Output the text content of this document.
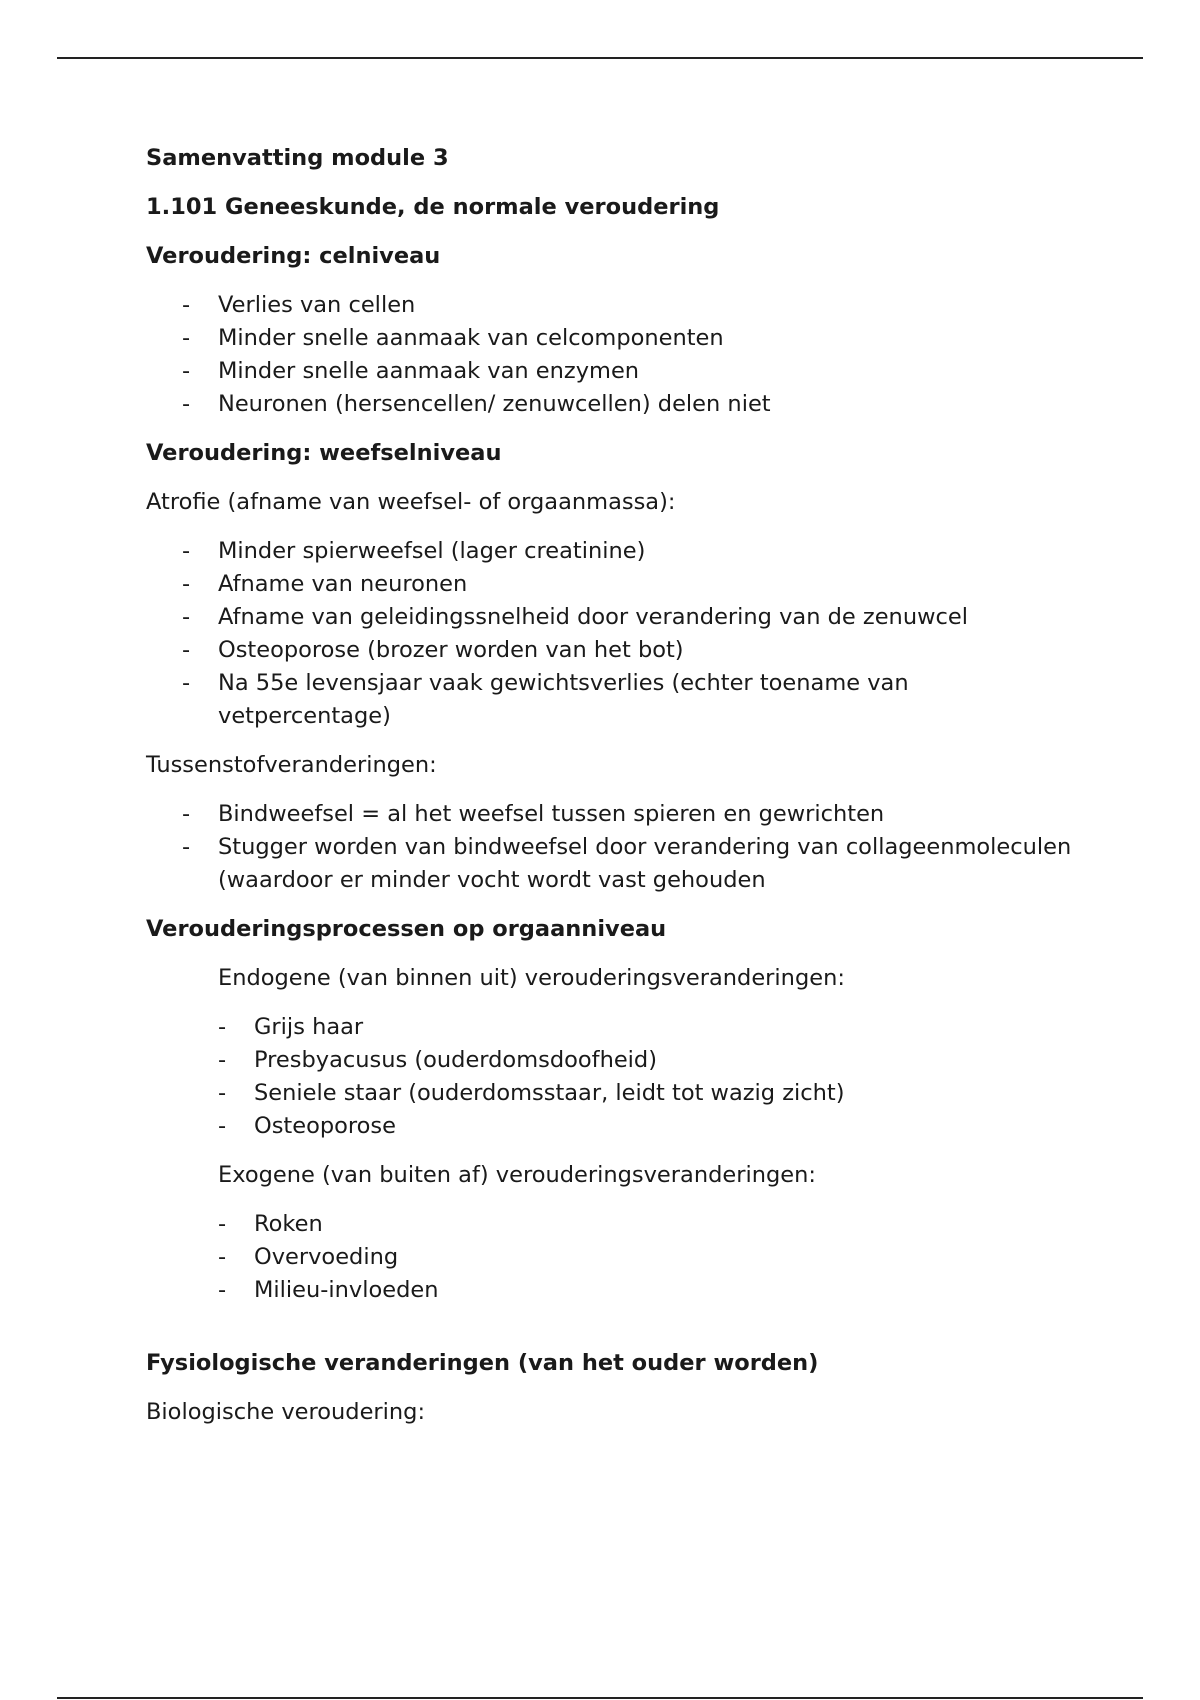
Samenvatting module 3
1.101 Geneeskunde, de normale veroudering
Veroudering: celniveau
- Verlies van cellen
- Minder snelle aanmaak van celcomponenten
- Minder snelle aanmaak van enzymen
- Neuronen (hersencellen/ zenuwcellen) delen niet
Veroudering: weefselniveau
Atrofie (afname van weefsel- of orgaanmassa):
- Minder spierweefsel (lager creatinine)
- Afname van neuronen
- Afname van geleidingssnelheid door verandering van de zenuwcel
- Osteoporose (brozer worden van het bot)
- Na 55e levensjaar vaak gewichtsverlies (echter toename van vetpercentage)
Tussenstofveranderingen:
- Bindweefsel = al het weefsel tussen spieren en gewrichten
- Stugger worden van bindweefsel door verandering van collageenmoleculen (waardoor er minder vocht wordt vast gehouden
Verouderingsprocessen op orgaanniveau
Endogene (van binnen uit) verouderingsveranderingen:
- Grijs haar
- Presbyacusus (ouderdomsdoofheid)
- Seniele staar (ouderdomsstaar, leidt tot wazig zicht)
- Osteoporose
Exogene (van buiten af) verouderingsveranderingen:
- Roken
- Overvoeding
- Milieu-invloeden
Fysiologische veranderingen (van het ouder worden)
Biologische veroudering:
